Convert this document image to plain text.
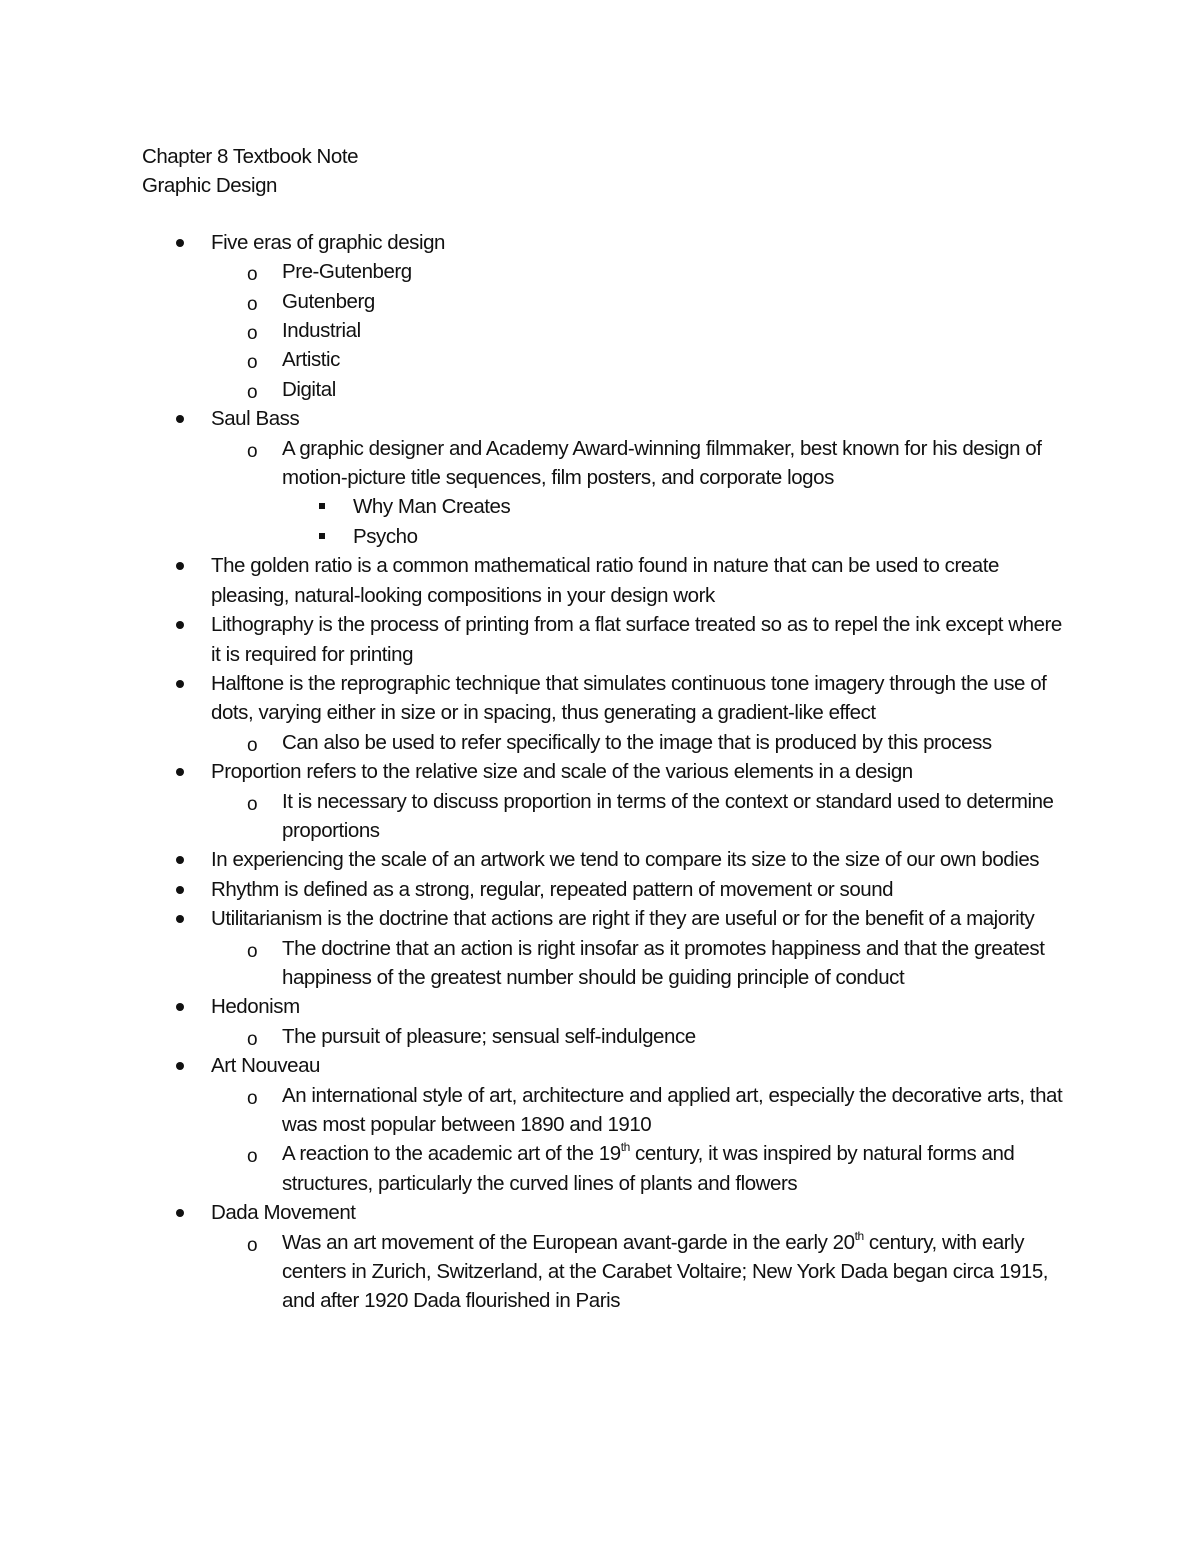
Chapter 8 Textbook Note
Graphic Design
Five eras of graphic design
o Pre-Gutenberg
o Gutenberg
o Industrial
o Artistic
o Digital
Saul Bass
o A graphic designer and Academy Award-winning filmmaker, best known for his design of motion-picture title sequences, film posters, and corporate logos
Why Man Creates
Psycho
The golden ratio is a common mathematical ratio found in nature that can be used to create pleasing, natural-looking compositions in your design work
Lithography is the process of printing from a flat surface treated so as to repel the ink except where it is required for printing
Halftone is the reprographic technique that simulates continuous tone imagery through the use of dots, varying either in size or in spacing, thus generating a gradient-like effect
o Can also be used to refer specifically to the image that is produced by this process
Proportion refers to the relative size and scale of the various elements in a design
o It is necessary to discuss proportion in terms of the context or standard used to determine proportions
In experiencing the scale of an artwork we tend to compare its size to the size of our own bodies
Rhythm is defined as a strong, regular, repeated pattern of movement or sound
Utilitarianism is the doctrine that actions are right if they are useful or for the benefit of a majority
o The doctrine that an action is right insofar as it promotes happiness and that the greatest happiness of the greatest number should be guiding principle of conduct
Hedonism
o The pursuit of pleasure; sensual self-indulgence
Art Nouveau
o An international style of art, architecture and applied art, especially the decorative arts, that was most popular between 1890 and 1910
o A reaction to the academic art of the 19th century, it was inspired by natural forms and structures, particularly the curved lines of plants and flowers
Dada Movement
o Was an art movement of the European avant-garde in the early 20th century, with early centers in Zurich, Switzerland, at the Carabet Voltaire; New York Dada began circa 1915, and after 1920 Dada flourished in Paris
